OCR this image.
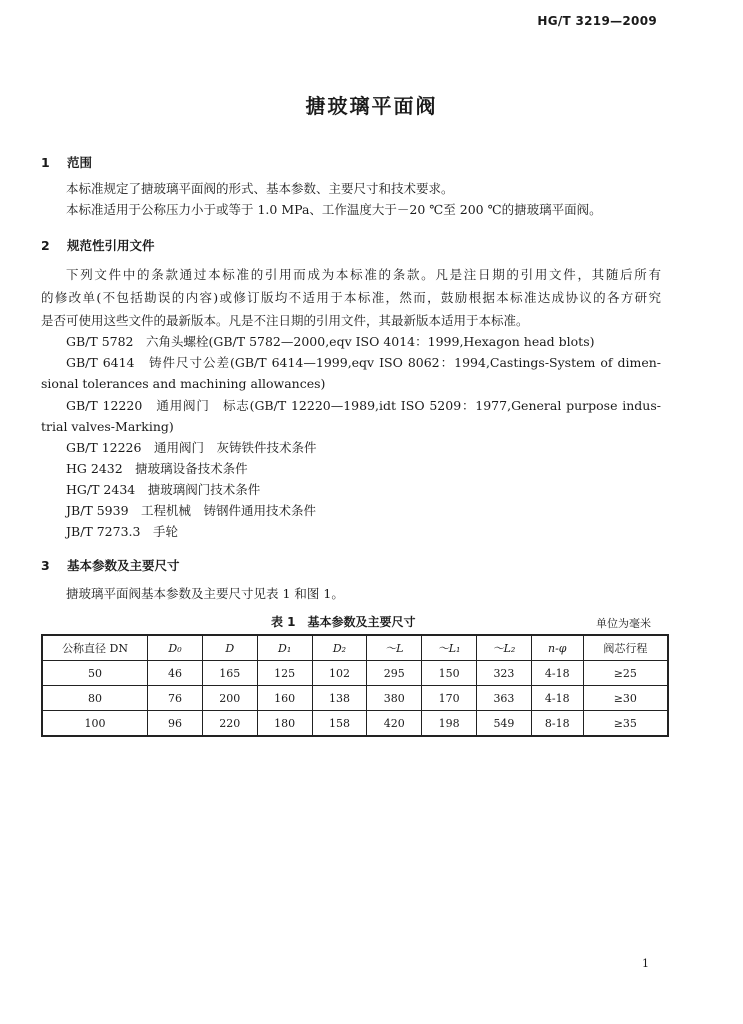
HG/T 3219—2009
搪玻璃平面阀
1 范围
本标准规定了搪玻璃平面阀的形式、基本参数、主要尺寸和技术要求。
本标准适用于公称压力小于或等于 1.0 MPa、工作温度大于－20 ℃至 200 ℃的搪玻璃平面阀。
2 规范性引用文件
下列文件中的条款通过本标准的引用而成为本标准的条款。凡是注日期的引用文件，其随后所有
的修改单(不包括勘误的内容)或修订版均不适用于本标准，然而，鼓励根据本标准达成协议的各方研究
是否可使用这些文件的最新版本。凡是不注日期的引用文件，其最新版本适用于本标准。
GB/T 5782　六角头螺栓(GB/T 5782—2000,eqv ISO 4014：1999,Hexagon head blots)
GB/T 6414　铸件尺寸公差(GB/T 6414—1999,eqv ISO 8062：1994,Castings-System of dimen-
sional tolerances and machining allowances)
GB/T 12220　通用阀门　标志(GB/T 12220—1989,idt ISO 5209：1977,General purpose indus-
trial valves-Marking)
GB/T 12226　通用阀门　灰铸铁件技术条件
HG 2432　搪玻璃设备技术条件
HG/T 2434　搪玻璃阀门技术条件
JB/T 5939　工程机械　铸钢件通用技术条件
JB/T 7273.3　手轮
3 基本参数及主要尺寸
搪玻璃平面阀基本参数及主要尺寸见表 1 和图 1。
表 1　基本参数及主要尺寸	单位为毫米
公称直径 DN	D₀	D	D₁	D₂	～L	～L₁	～L₂	n-φ	阀芯行程
50	46	165	125	102	295	150	323	4-18	≥25
80	76	200	160	138	380	170	363	4-18	≥30
100	96	220	180	158	420	198	549	8-18	≥35
1
